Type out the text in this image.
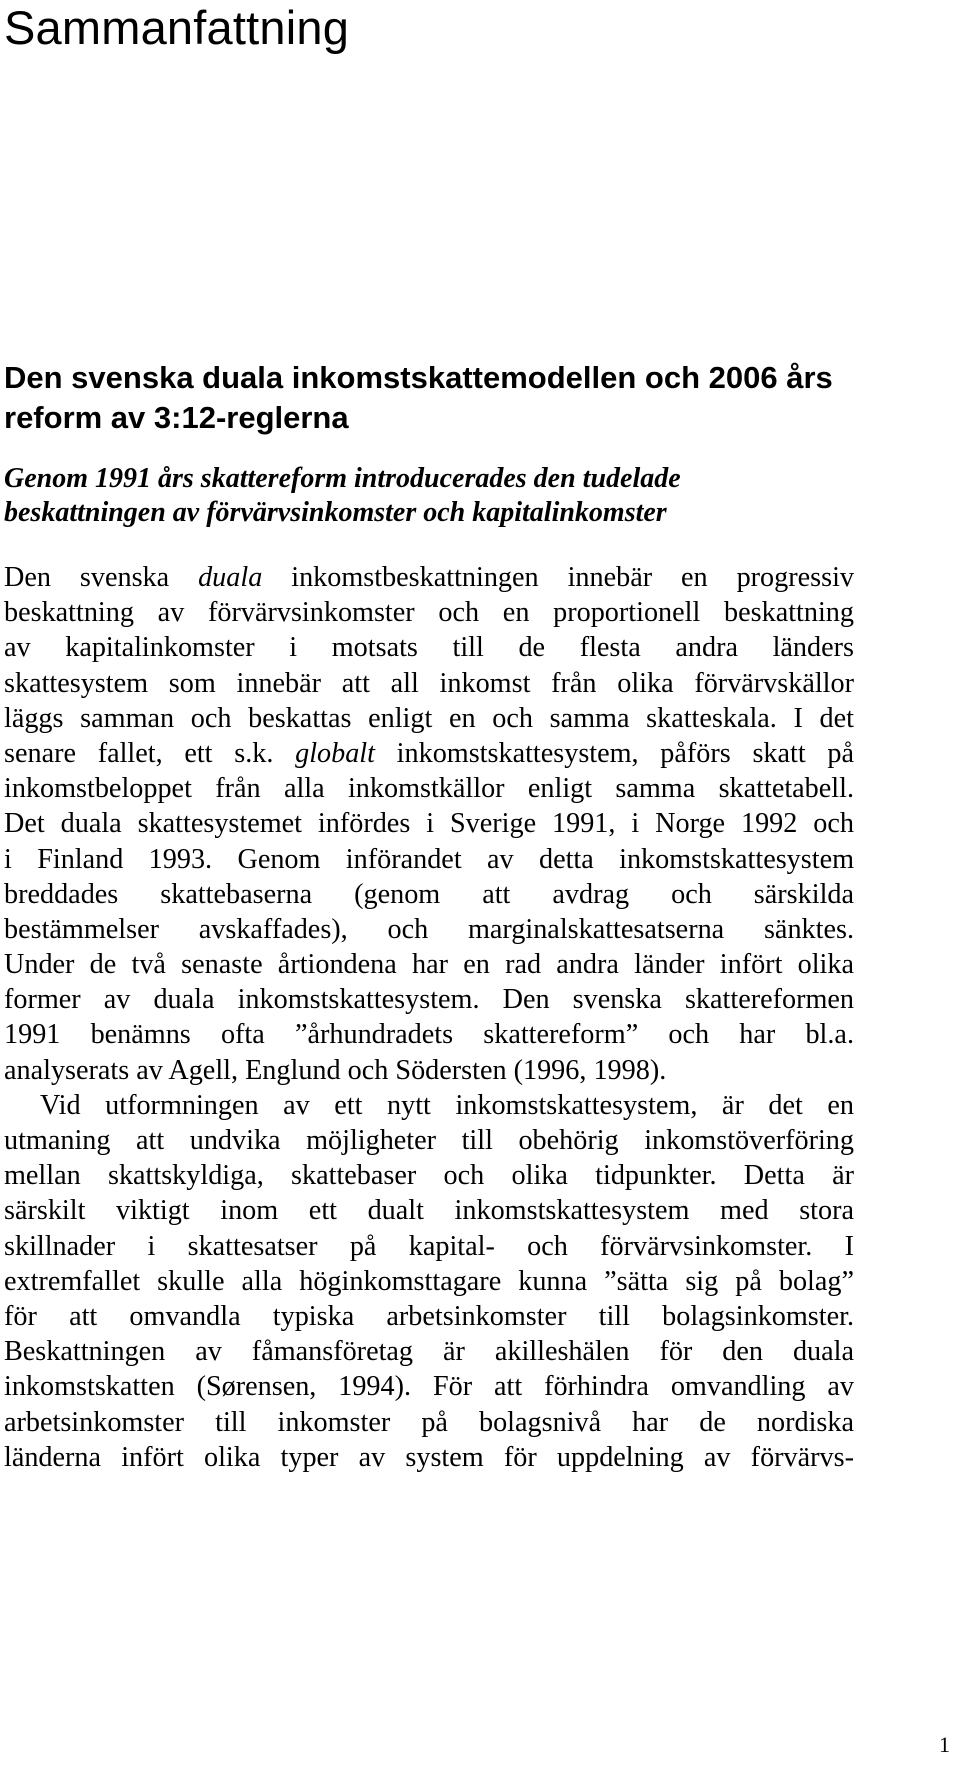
Sammanfattning
Den svenska duala inkomstskattemodellen och 2006 års reform av 3:12-reglerna
Genom 1991 års skattereform introducerades den tudelade
beskattningen av förvärvsinkomster och kapitalinkomster
Den svenska duala inkomstbeskattningen innebär en progressiv
beskattning av förvärvsinkomster och en proportionell beskattning
av kapitalinkomster i motsats till de flesta andra länders
skattesystem som innebär att all inkomst från olika förvärvskällor
läggs samman och beskattas enligt en och samma skatteskala. I det
senare fallet, ett s.k. globalt inkomstskattesystem, påförs skatt på
inkomstbeloppet från alla inkomstkällor enligt samma skattetabell.
Det duala skattesystemet infördes i Sverige 1991, i Norge 1992 och
i Finland 1993. Genom införandet av detta inkomstskattesystem
breddades skattebaserna (genom att avdrag och särskilda
bestämmelser avskaffades), och marginalskattesatserna sänktes.
Under de två senaste årtiondena har en rad andra länder infört olika
former av duala inkomstskattesystem. Den svenska skattereformen
1991 benämns ofta ”århundradets skattereform” och har bl.a.
analyserats av Agell, Englund och Södersten (1996, 1998).
Vid utformningen av ett nytt inkomstskattesystem, är det en
utmaning att undvika möjligheter till obehörig inkomstöverföring
mellan skattskyldiga, skattebaser och olika tidpunkter. Detta är
särskilt viktigt inom ett dualt inkomstskattesystem med stora
skillnader i skattesatser på kapital- och förvärvsinkomster. I
extremfallet skulle alla höginkomsttagare kunna ”sätta sig på bolag”
för att omvandla typiska arbetsinkomster till bolagsinkomster.
Beskattningen av fåmansföretag är akilleshälen för den duala
inkomstskatten (Sørensen, 1994). För att förhindra omvandling av
arbetsinkomster till inkomster på bolagsnivå har de nordiska
länderna infört olika typer av system för uppdelning av förvärvs-
1
